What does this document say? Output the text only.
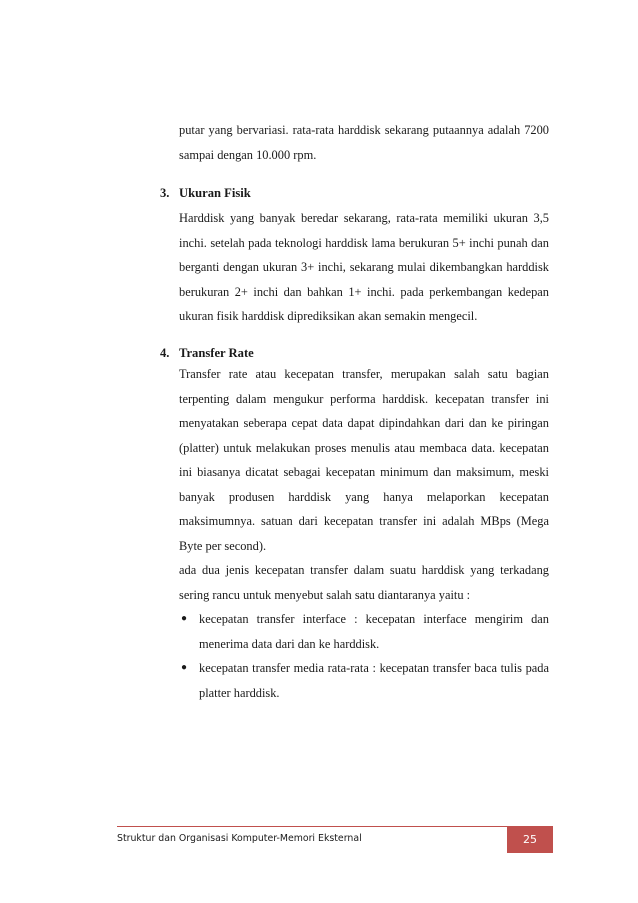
putar yang bervariasi. rata-rata harddisk sekarang putaannya adalah 7200 sampai dengan 10.000 rpm.

3. Ukuran Fisik

Harddisk yang banyak beredar sekarang, rata-rata memiliki ukuran 3,5 inchi. setelah pada teknologi harddisk lama berukuran 5+ inchi punah dan berganti dengan ukuran 3+ inchi, sekarang mulai dikembangkan harddisk berukuran 2+ inchi dan bahkan 1+ inchi. pada perkembangan kedepan ukuran fisik harddisk diprediksikan akan semakin mengecil.

4. Transfer Rate

Transfer rate atau kecepatan transfer, merupakan salah satu bagian terpenting dalam mengukur performa harddisk. kecepatan transfer ini menyatakan seberapa cepat data dapat dipindahkan dari dan ke piringan (platter) untuk melakukan proses menulis atau membaca data. kecepatan ini biasanya dicatat sebagai kecepatan minimum dan maksimum, meski banyak produsen harddisk yang hanya melaporkan kecepatan maksimumnya. satuan dari kecepatan transfer ini adalah MBps (Mega Byte per second).

ada dua jenis kecepatan transfer dalam suatu harddisk yang terkadang sering rancu untuk menyebut salah satu diantaranya yaitu :

● kecepatan transfer interface : kecepatan interface mengirim dan menerima data dari dan ke harddisk.
● kecepatan transfer media rata-rata : kecepatan transfer baca tulis pada platter harddisk.
Struktur dan Organisasi Komputer-Memori Eksternal	25
